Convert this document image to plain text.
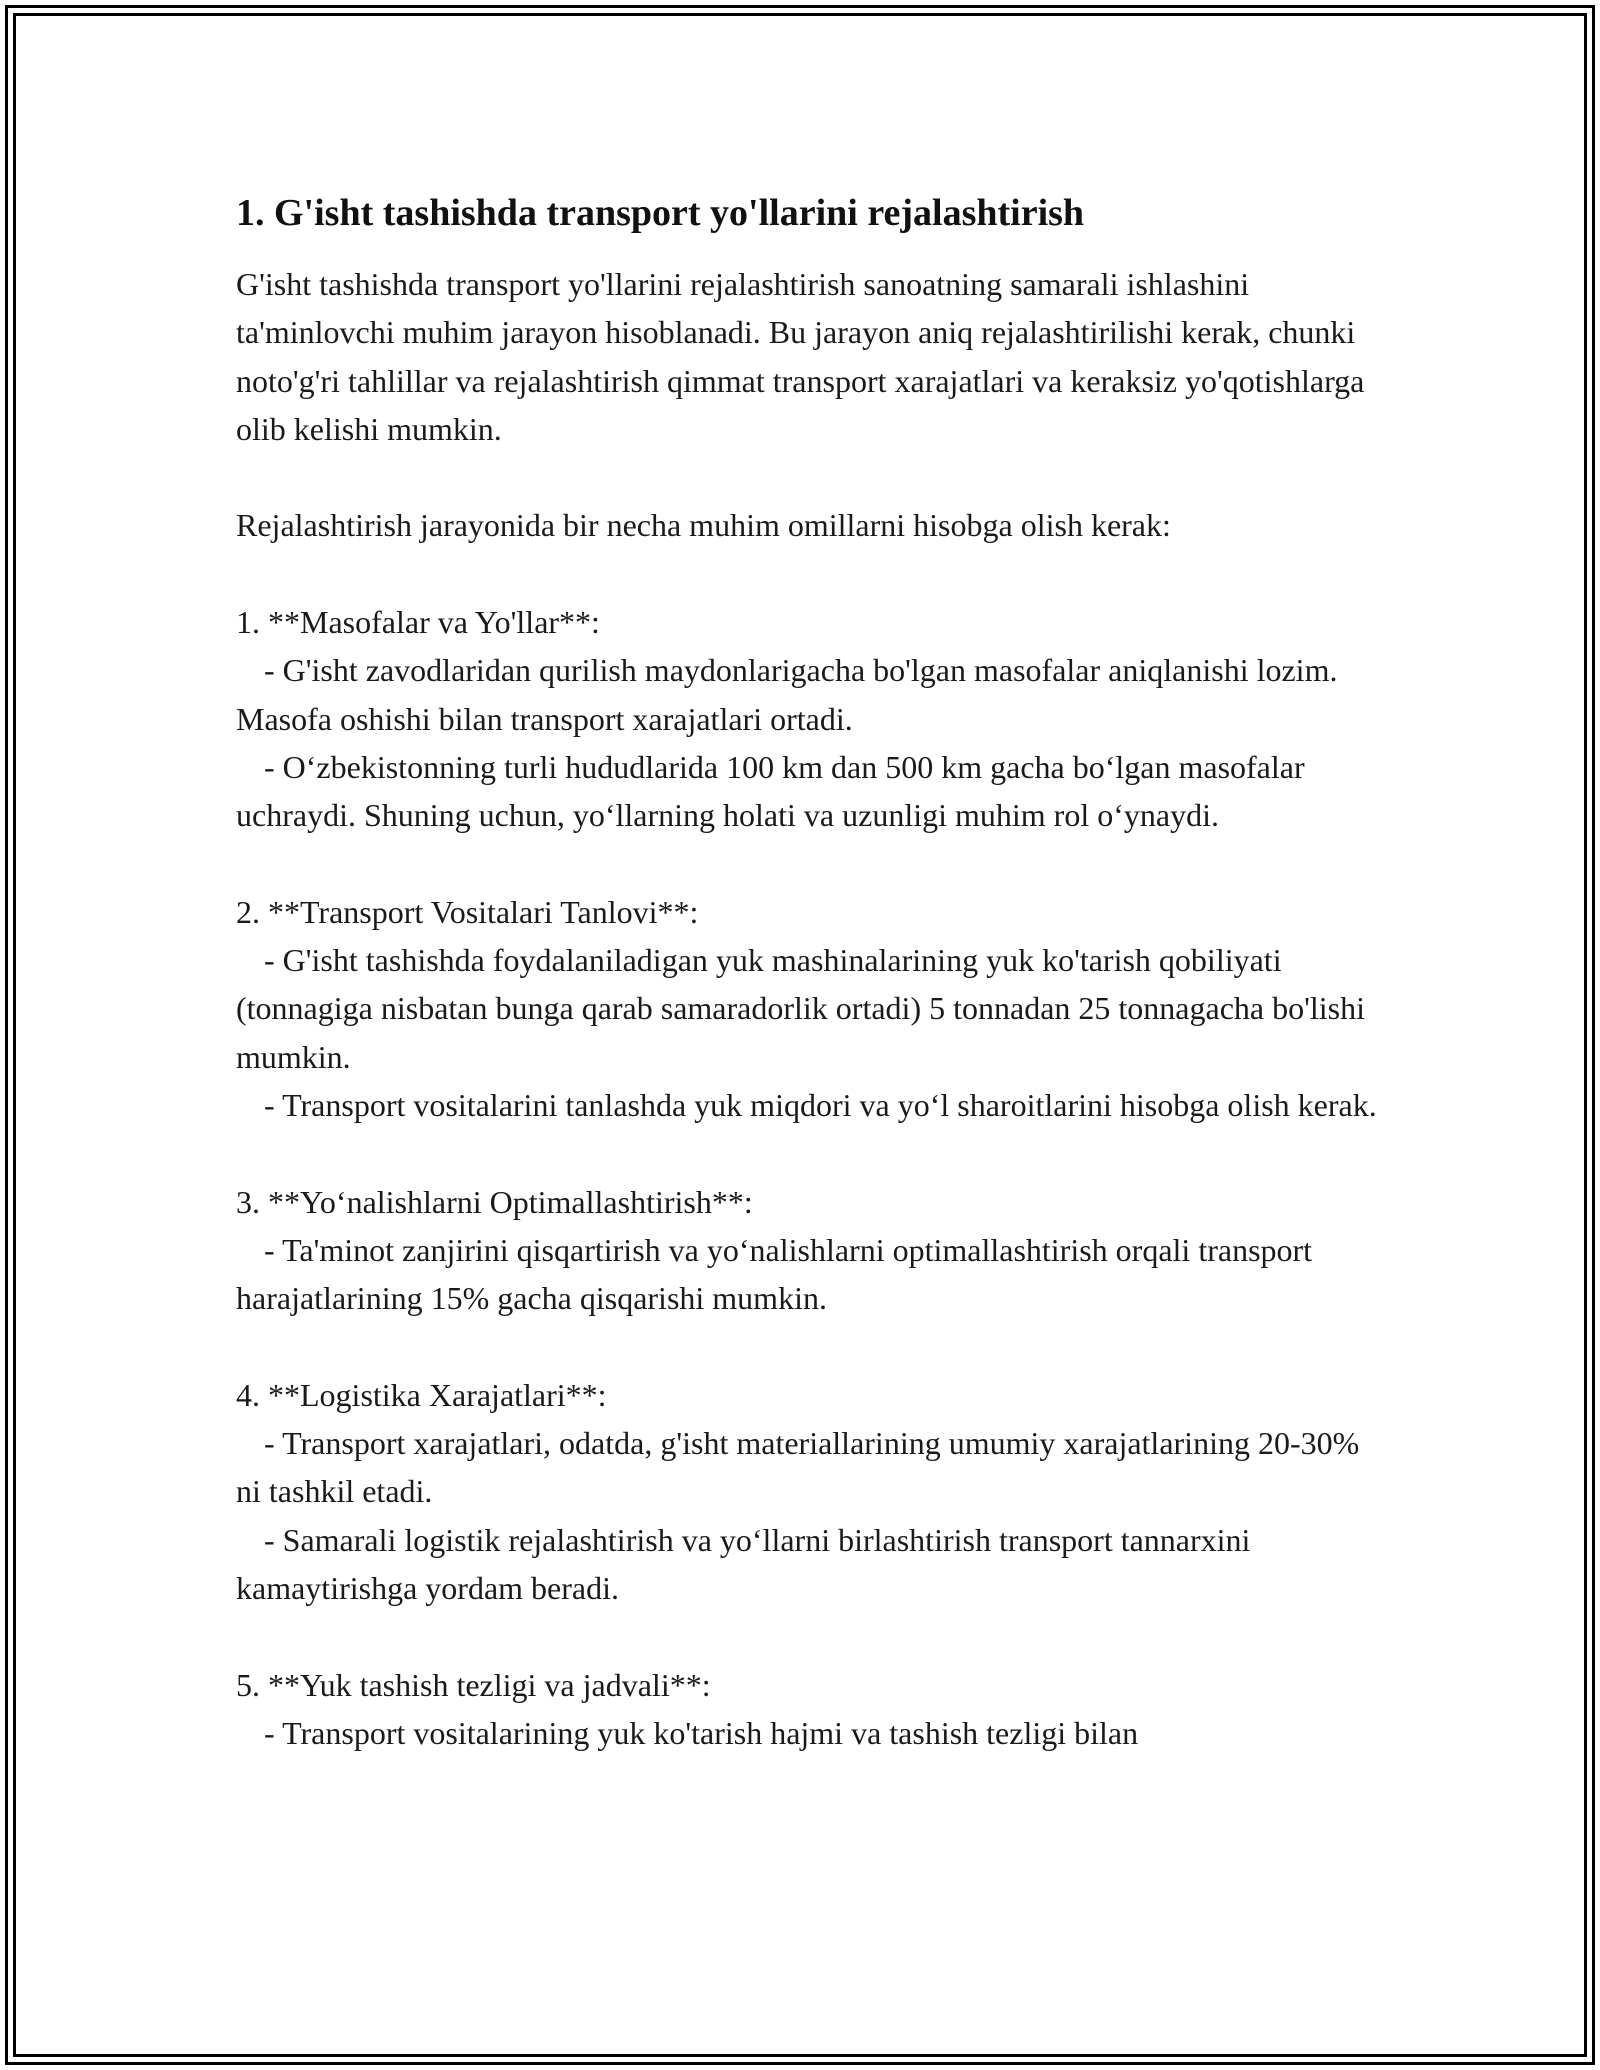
1. G'isht tashishda transport yo'llarini rejalashtirish

G'isht tashishda transport yo'llarini rejalashtirish sanoatning samarali ishlashini ta'minlovchi muhim jarayon hisoblanadi. Bu jarayon aniq rejalashtirilishi kerak, chunki noto'g'ri tahlillar va rejalashtirish qimmat transport xarajatlari va keraksiz yo'qotishlarga olib kelishi mumkin.

Rejalashtirish jarayonida bir necha muhim omillarni hisobga olish kerak:

1. **Masofalar va Yo'llar**:

- G'isht zavodlaridan qurilish maydonlarigacha bo'lgan masofalar aniqlanishi lozim. Masofa oshishi bilan transport xarajatlari ortadi.

- O‘zbekistonning turli hududlarida 100 km dan 500 km gacha bo‘lgan masofalar uchraydi. Shuning uchun, yo‘llarning holati va uzunligi muhim rol o‘ynaydi.

2. **Transport Vositalari Tanlovi**:

- G'isht tashishda foydalaniladigan yuk mashinalarining yuk ko'tarish qobiliyati (tonnagiga nisbatan bunga qarab samaradorlik ortadi) 5 tonnadan 25 tonnagacha bo'lishi mumkin.

- Transport vositalarini tanlashda yuk miqdori va yo‘l sharoitlarini hisobga olish kerak.

3. **Yo‘nalishlarni Optimallashtirish**:

- Ta'minot zanjirini qisqartirish va yo‘nalishlarni optimallashtirish orqali transport harajatlarining 15% gacha qisqarishi mumkin.

4. **Logistika Xarajatlari**:

- Transport xarajatlari, odatda, g'isht materiallarining umumiy xarajatlarining 20-30% ni tashkil etadi.

- Samarali logistik rejalashtirish va yo‘llarni birlashtirish transport tannarxini kamaytirishga yordam beradi.

5. **Yuk tashish tezligi va jadvali**:

- Transport vositalarining yuk ko'tarish hajmi va tashish tezligi bilan
